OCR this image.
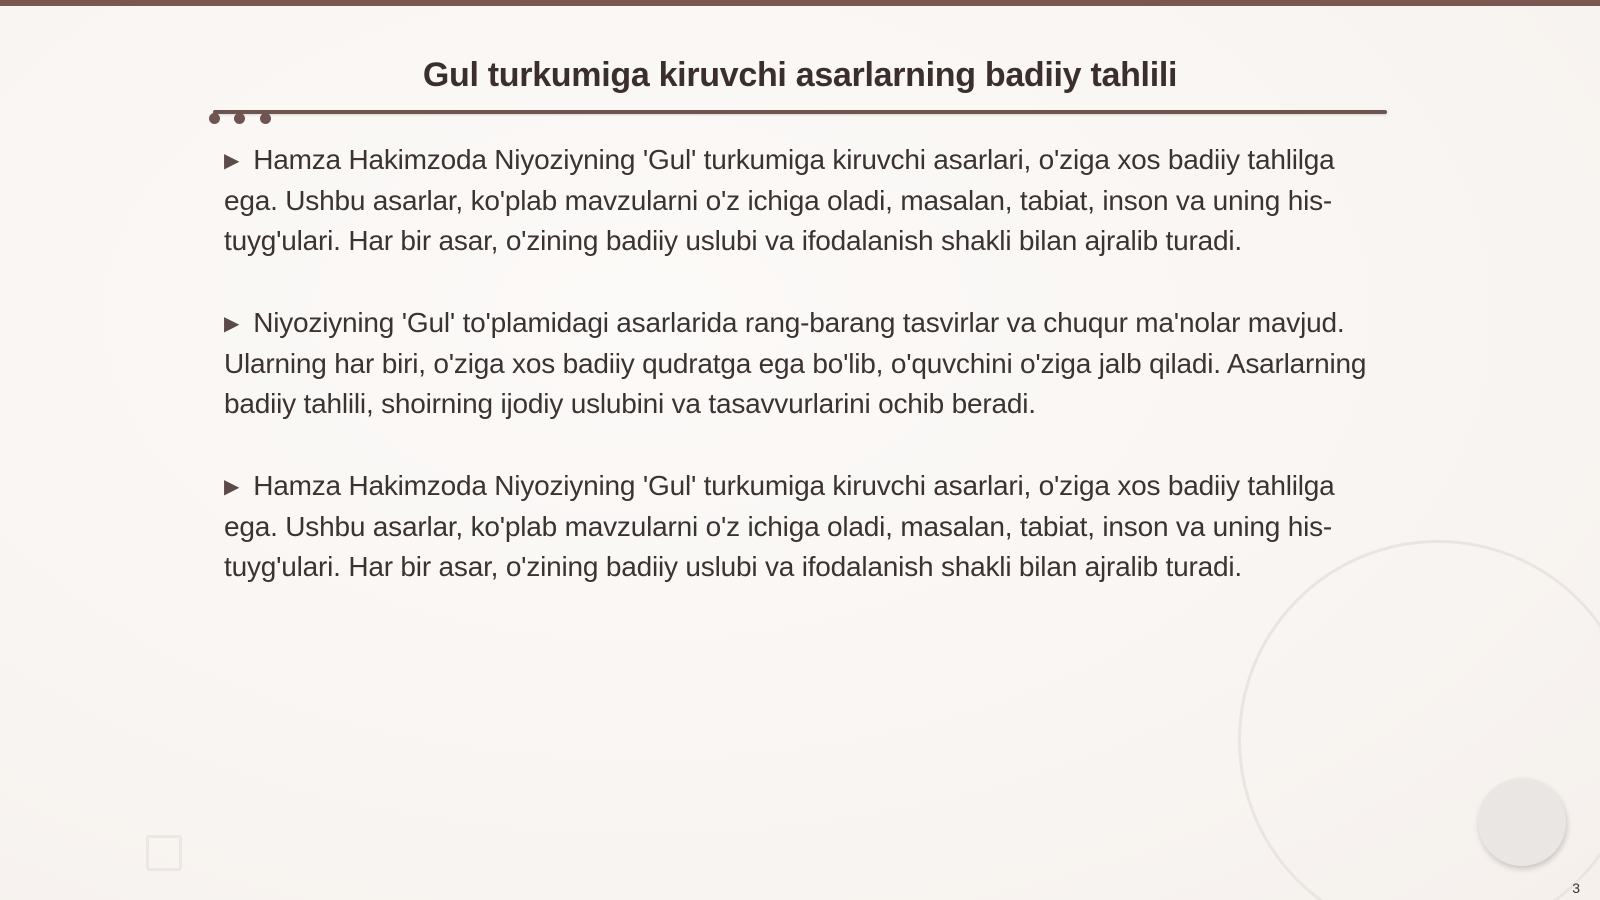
Gul turkumiga kiruvchi asarlarning badiiy tahlili

▶ Hamza Hakimzoda Niyoziyning 'Gul' turkumiga kiruvchi asarlari, o'ziga xos badiiy tahlilga ega. Ushbu asarlar, ko'plab mavzularni o'z ichiga oladi, masalan, tabiat, inson va uning his-tuyg'ulari. Har bir asar, o'zining badiiy uslubi va ifodalanish shakli bilan ajralib turadi.

▶ Niyoziyning 'Gul' to'plamidagi asarlarida rang-barang tasvirlar va chuqur ma'nolar mavjud. Ularning har biri, o'ziga xos badiiy qudratga ega bo'lib, o'quvchini o'ziga jalb qiladi. Asarlarning badiiy tahlili, shoirning ijodiy uslubini va tasavvurlarini ochib beradi.

▶ Hamza Hakimzoda Niyoziyning 'Gul' turkumiga kiruvchi asarlari, o'ziga xos badiiy tahlilga ega. Ushbu asarlar, ko'plab mavzularni o'z ichiga oladi, masalan, tabiat, inson va uning his-tuyg'ulari. Har bir asar, o'zining badiiy uslubi va ifodalanish shakli bilan ajralib turadi.

3
